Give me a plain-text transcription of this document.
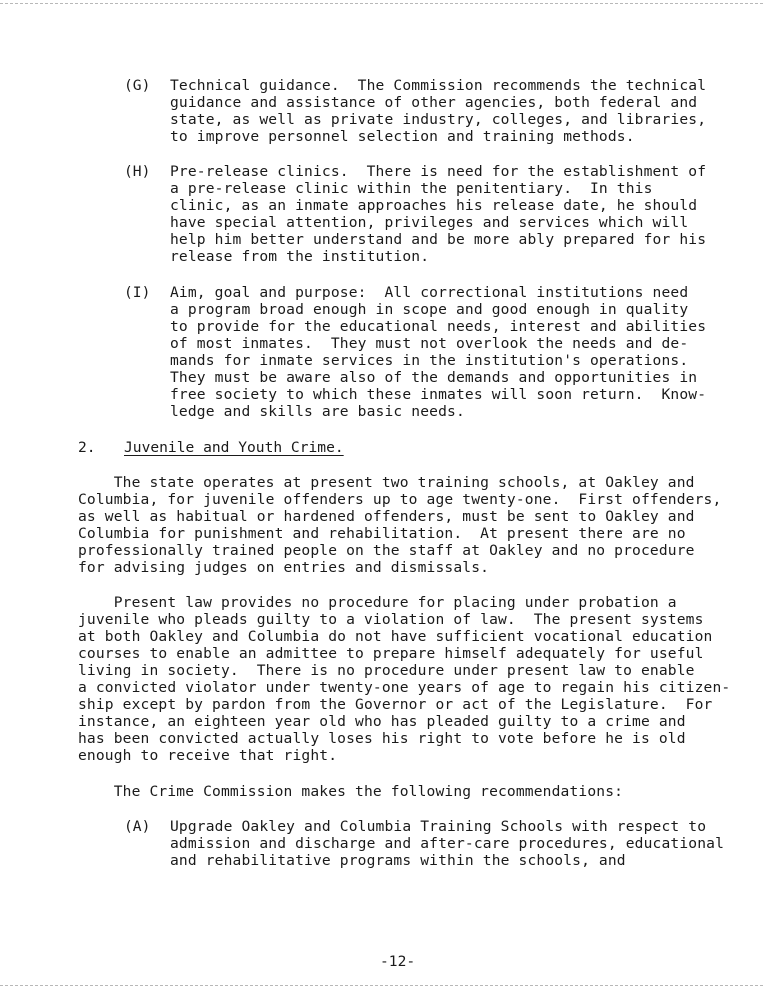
(G) Technical guidance.  The Commission recommends the technical
guidance and assistance of other agencies, both federal and
state, as well as private industry, colleges, and libraries,
to improve personnel selection and training methods.
(H) Pre-release clinics.  There is need for the establishment of
a pre-release clinic within the penitentiary.  In this
clinic, as an inmate approaches his release date, he should
have special attention, privileges and services which will
help him better understand and be more ably prepared for his
release from the institution.
(I) Aim, goal and purpose:  All correctional institutions need
a program broad enough in scope and good enough in quality
to provide for the educational needs, interest and abilities
of most inmates.  They must not overlook the needs and de-
mands for inmate services in the institution's operations.
They must be aware also of the demands and opportunities in
free society to which these inmates will soon return.  Know-
ledge and skills are basic needs.
2. Juvenile and Youth Crime.
The state operates at present two training schools, at Oakley and
Columbia, for juvenile offenders up to age twenty-one.  First offenders,
as well as habitual or hardened offenders, must be sent to Oakley and
Columbia for punishment and rehabilitation.  At present there are no
professionally trained people on the staff at Oakley and no procedure
for advising judges on entries and dismissals.
Present law provides no procedure for placing under probation a
juvenile who pleads guilty to a violation of law.  The present systems
at both Oakley and Columbia do not have sufficient vocational education
courses to enable an admittee to prepare himself adequately for useful
living in society.  There is no procedure under present law to enable
a convicted violator under twenty-one years of age to regain his citizen-
ship except by pardon from the Governor or act of the Legislature.  For
instance, an eighteen year old who has pleaded guilty to a crime and
has been convicted actually loses his right to vote before he is old
enough to receive that right.
The Crime Commission makes the following recommendations:
(A) Upgrade Oakley and Columbia Training Schools with respect to
admission and discharge and after-care procedures, educational
and rehabilitative programs within the schools, and
-12-
